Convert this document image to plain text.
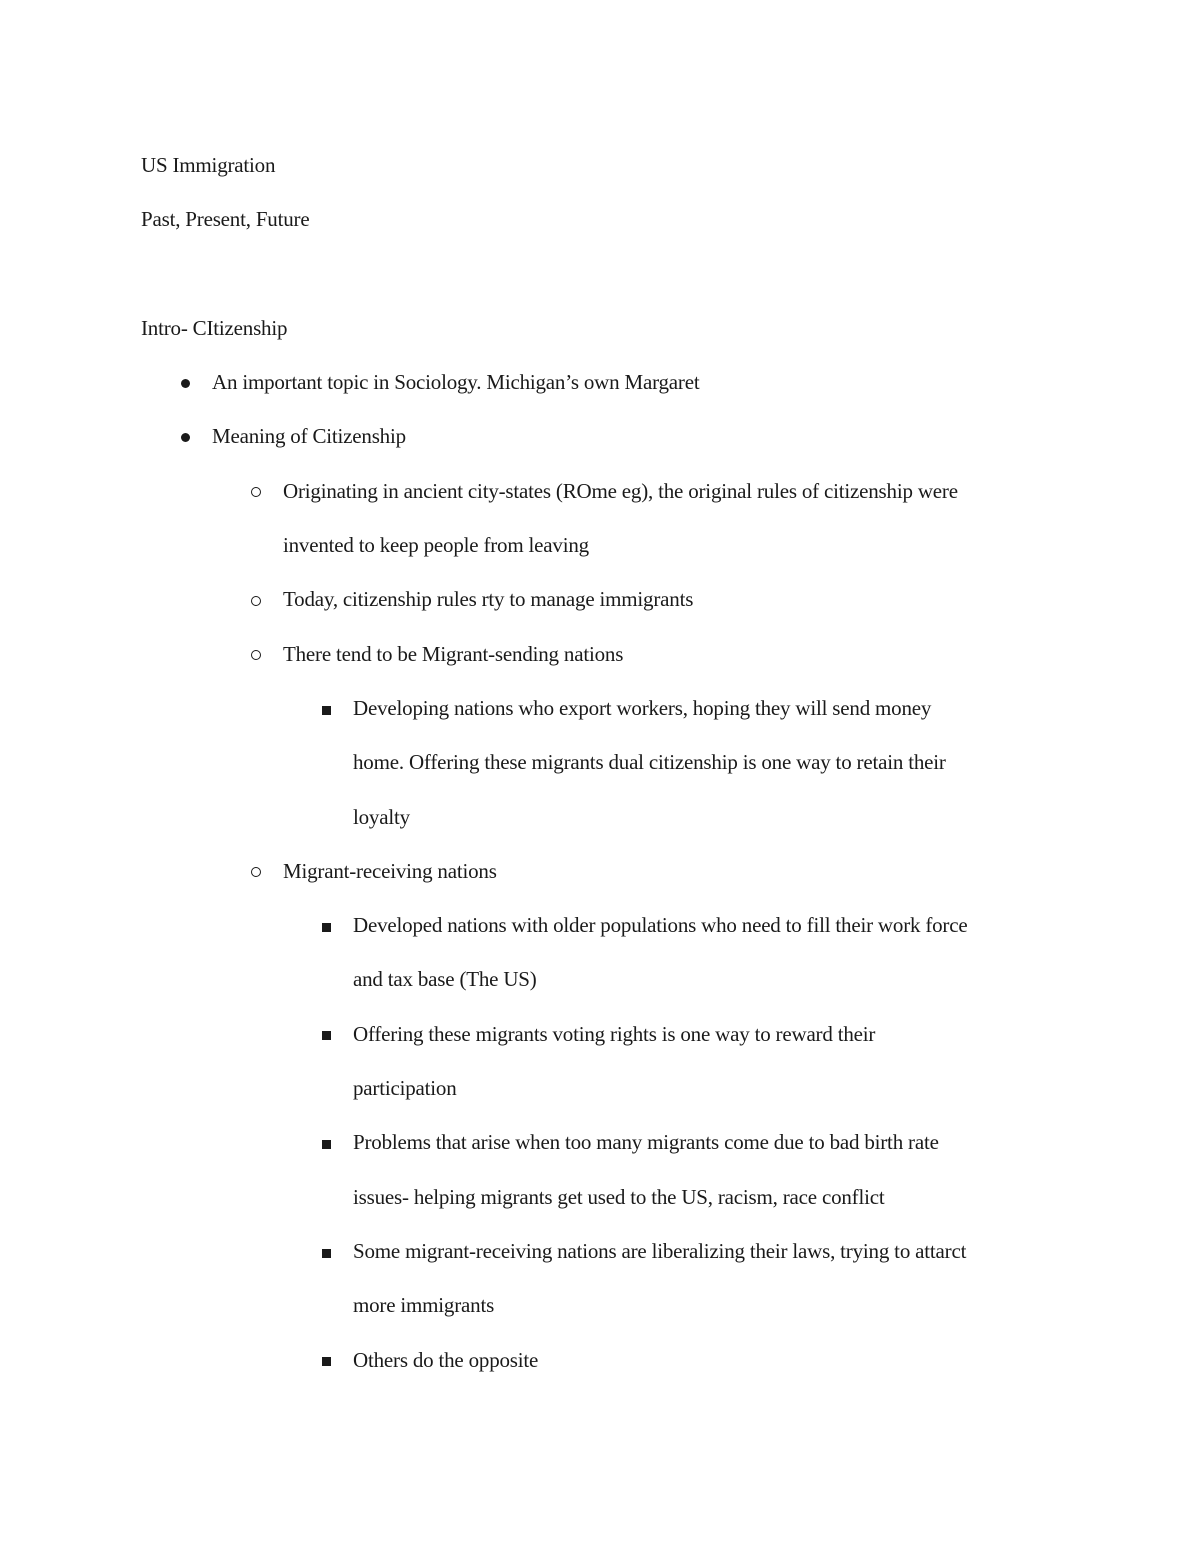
US Immigration

Past, Present, Future

Intro- CItizenship

An important topic in Sociology. Michigan’s own Margaret
Meaning of Citizenship
Originating in ancient city-states (ROme eg), the original rules of citizenship were
invented to keep people from leaving
Today, citizenship rules rty to manage immigrants
There tend to be Migrant-sending nations
Developing nations who export workers, hoping they will send money
home. Offering these migrants dual citizenship is one way to retain their
loyalty
Migrant-receiving nations
Developed nations with older populations who need to fill their work force
and tax base (The US)
Offering these migrants voting rights is one way to reward their
participation
Problems that arise when too many migrants come due to bad birth rate
issues- helping migrants get used to the US, racism, race conflict
Some migrant-receiving nations are liberalizing their laws, trying to attarct
more immigrants
Others do the opposite
